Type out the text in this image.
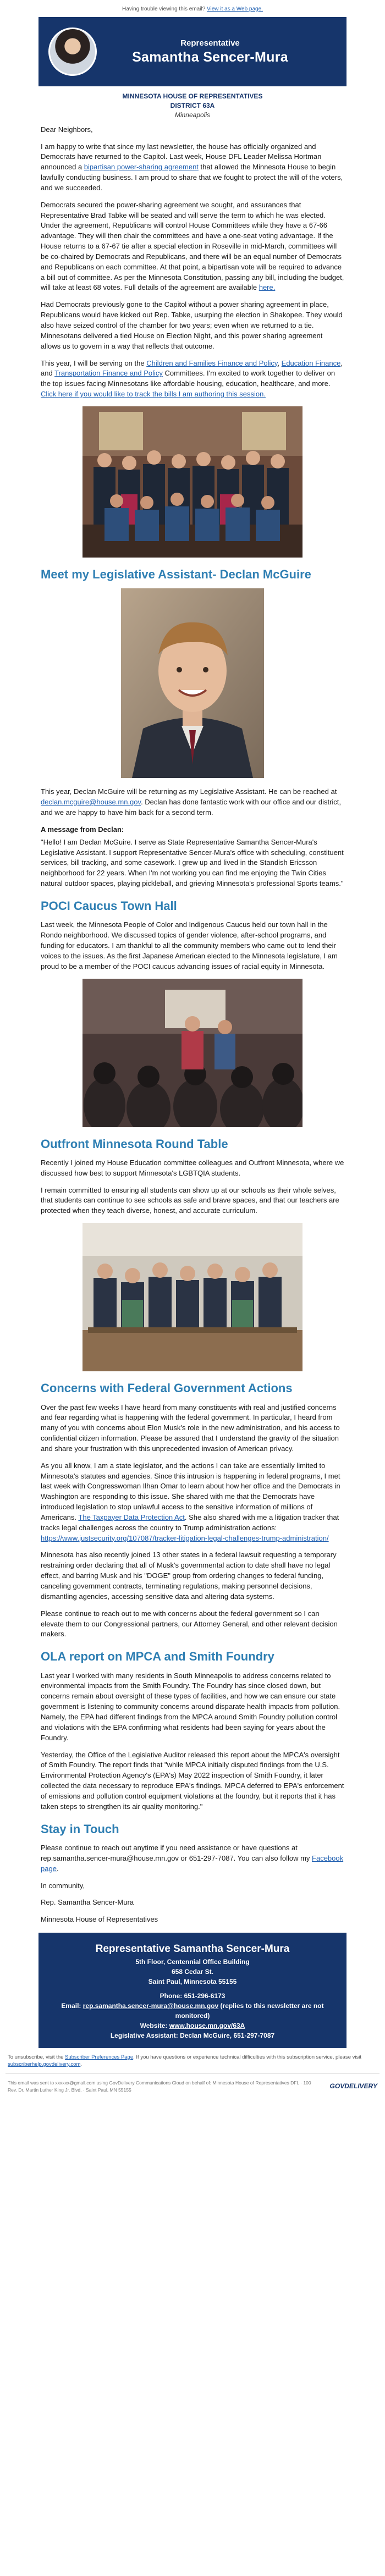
Having trouble viewing this email? View it as a Web page.
Representative
Samantha Sencer-Mura
MINNESOTA HOUSE OF REPRESENTATIVES
DISTRICT 63A
Minneapolis

Dear Neighbors,

I am happy to write that since my last newsletter, the house has officially organized and Democrats have returned to the Capitol. Last week, House DFL Leader Melissa Hortman announced a bipartisan power-sharing agreement that allowed the Minnesota House to begin lawfully conducting business. I am proud to share that we fought to protect the will of the voters, and we succeeded.

Democrats secured the power-sharing agreement we sought, and assurances that Representative Brad Tabke will be seated and will serve the term to which he was elected. Under the agreement, Republicans will control House Committees while they have a 67-66 advantage. They will then chair the committees and have a one-seat voting advantage. If the House returns to a 67-67 tie after a special election in Roseville in mid-March, committees will be co-chaired by Democrats and Republicans, and there will be an equal number of Democrats and Republicans on each committee. At that point, a bipartisan vote will be required to advance a bill out of committee. As per the Minnesota Constitution, passing any bill, including the budget, will take at least 68 votes. Full details of the agreement are available here.

Had Democrats previously gone to the Capitol without a power sharing agreement in place, Republicans would have kicked out Rep. Tabke, usurping the election in Shakopee. They would also have seized control of the chamber for two years; even when we returned to a tie. Minnesotans delivered a tied House on Election Night, and this power sharing agreement allows us to govern in a way that reflects that outcome.

This year, I will be serving on the Children and Families Finance and Policy, Education Finance, and Transportation Finance and Policy Committees. I'm excited to work together to deliver on the top issues facing Minnesotans like affordable housing, education, healthcare, and more. Click here if you would like to track the bills I am authoring this session.

Meet my Legislative Assistant- Declan McGuire

This year, Declan McGuire will be returning as my Legislative Assistant. He can be reached at declan.mcguire@house.mn.gov. Declan has done fantastic work with our office and our district, and we are happy to have him back for a second term.

A message from Declan:

"Hello! I am Declan McGuire. I serve as State Representative Samantha Sencer-Mura's Legislative Assistant. I support Representative Sencer-Mura's office with scheduling, constituent services, bill tracking, and some casework. I grew up and lived in the Standish Ericsson neighborhood for 22 years. When I'm not working you can find me enjoying the Twin Cities natural outdoor spaces, playing pickleball, and grieving Minnesota's professional Sports teams."

POCI Caucus Town Hall

Last week, the Minnesota People of Color and Indigenous Caucus held our town hall in the Rondo neighborhood. We discussed topics of gender violence, after-school programs, and funding for educators. I am thankful to all the community members who came out to lend their voices to the issues. As the first Japanese American elected to the Minnesota legislature, I am proud to be a member of the POCI caucus advancing issues of racial equity in Minnesota.

Outfront Minnesota Round Table

Recently I joined my House Education committee colleagues and Outfront Minnesota, where we discussed how best to support Minnesota's LGBTQIA students.

I remain committed to ensuring all students can show up at our schools as their whole selves, that students can continue to see schools as safe and brave spaces, and that our teachers are protected when they teach diverse, honest, and accurate curriculum.

Concerns with Federal Government Actions

Over the past few weeks I have heard from many constituents with real and justified concerns and fear regarding what is happening with the federal government. In particular, I heard from many of you with concerns about Elon Musk's role in the new administration, and his access to confidential citizen information. Please be assured that I understand the gravity of the situation and share your frustration with this unprecedented invasion of American privacy.

As you all know, I am a state legislator, and the actions I can take are essentially limited to Minnesota's statutes and agencies. Since this intrusion is happening in federal programs, I met last week with Congresswoman Ilhan Omar to learn about how her office and the Democrats in Washington are responding to this issue. She shared with me that the Democrats have introduced legislation to stop unlawful access to the sensitive information of millions of Americans. The Taxpayer Data Protection Act. She also shared with me a litigation tracker that tracks legal challenges across the country to Trump administration actions: https://www.justsecurity.org/107087/tracker-litigation-legal-challenges-trump-administration/

Minnesota has also recently joined 13 other states in a federal lawsuit requesting a temporary restraining order declaring that all of Musk's governmental action to date shall have no legal effect, and barring Musk and his "DOGE" group from ordering changes to federal funding, canceling government contracts, terminating regulations, making personnel decisions, dismantling agencies, accessing sensitive data and altering data systems.

Please continue to reach out to me with concerns about the federal government so I can elevate them to our Congressional partners, our Attorney General, and other relevant decision makers.

OLA report on MPCA and Smith Foundry

Last year I worked with many residents in South Minneapolis to address concerns related to environmental impacts from the Smith Foundry. The Foundry has since closed down, but concerns remain about oversight of these types of facilities, and how we can ensure our state government is listening to community concerns around disparate health impacts from pollution. Namely, the EPA had different findings from the MPCA around Smith Foundry pollution control and violations with the EPA confirming what residents had been saying for years about the Foundry.

Yesterday, the Office of the Legislative Auditor released this report about the MPCA's oversight of Smith Foundry. The report finds that "while MPCA initially disputed findings from the U.S. Environmental Protection Agency's (EPA's) May 2022 inspection of Smith Foundry, it later collected the data necessary to reproduce EPA's findings. MPCA deferred to EPA's enforcement of emissions and pollution control equipment violations at the foundry, but it reports that it has taken steps to strengthen its air quality monitoring."

Stay in Touch

Please continue to reach out anytime if you need assistance or have questions at rep.samantha.sencer-mura@house.mn.gov or 651-297-7087. You can also follow my Facebook page.

In community,

Rep. Samantha Sencer-Mura

Minnesota House of Representatives

Representative Samantha Sencer-Mura
5th Floor, Centennial Office Building
658 Cedar St.
Saint Paul, Minnesota 55155
Phone: 651-296-6173
Email: rep.samantha.sencer-mura@house.mn.gov (replies to this newsletter are not monitored)
Website: www.house.mn.gov/63A
Legislative Assistant: Declan McGuire, 651-297-7087
To unsubscribe, visit the Subscriber Preferences Page. If you have questions or experience technical difficulties with this subscription service, please visit subscriberhelp.govdelivery.com.
This email was sent to xxxxxx@gmail.com using GovDelivery Communications Cloud on behalf of: Minnesota House of Representatives DFL · 100 Rev. Dr. Martin Luther King Jr. Blvd. · Saint Paul, MN 55155	GOVDELIVERY
